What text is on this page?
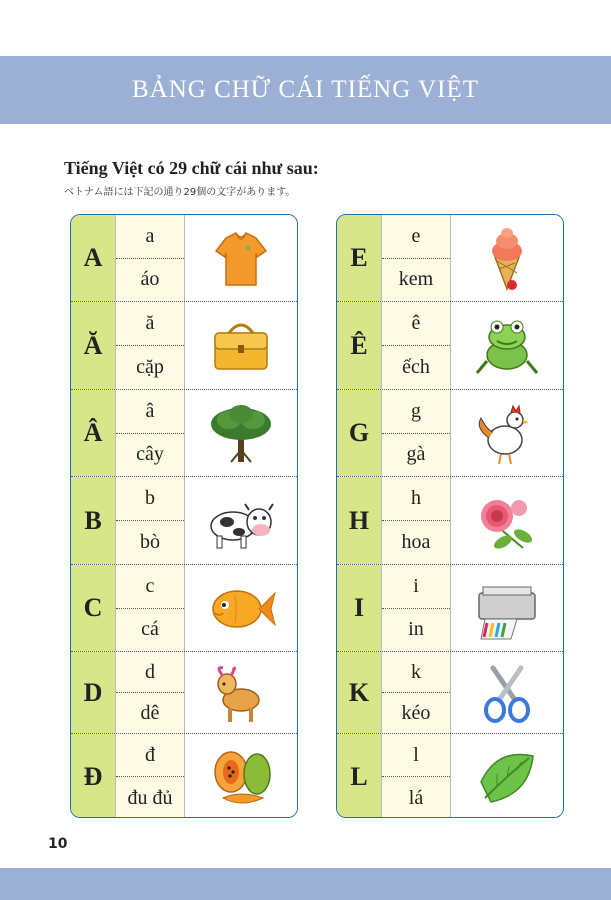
BẢNG CHỮ CÁI TIẾNG VIỆT
Tiếng Việt có 29 chữ cái như sau:
ベトナム語には下記の通り29個の文字があります。
A
a
áo
Ă
ă
cặp
Â
â
cây
B
b
bò
C
c
cá
D
d
dê
Đ
đ
đu đủ
E
e
kem
Ê
ê
ếch
G
g
gà
H
h
hoa
I
i
in
K
k
kéo
L
l
lá
10
